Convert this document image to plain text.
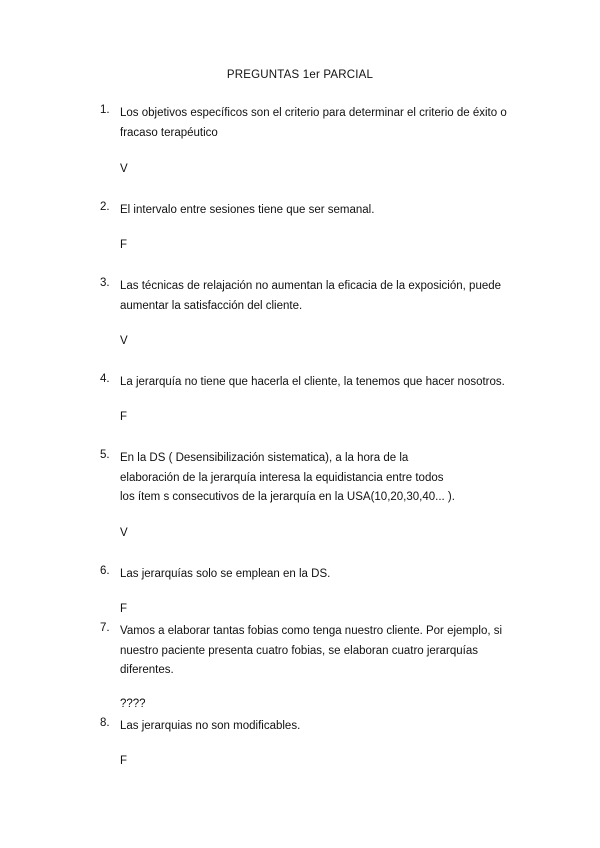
PREGUNTAS 1er PARCIAL
1. Los objetivos específicos son el criterio para determinar el criterio de éxito o
fracaso terapéutico
V
2. El intervalo entre sesiones tiene que ser semanal.
F
3. Las técnicas de relajación no aumentan la eficacia de la exposición, puede
aumentar la satisfacción del cliente.
V
4. La jerarquía no tiene que hacerla el cliente, la tenemos que hacer nosotros.
F
5. En la DS ( Desensibilización sistematica), a la hora de la
elaboración de la jerarquía interesa la equidistancia entre todos
los ítem s consecutivos de la jerarquía en la USA(10,20,30,40... ).
V
6. Las jerarquías solo se emplean en la DS.
F
7. Vamos a elaborar tantas fobias como tenga nuestro cliente. Por ejemplo, si
nuestro paciente presenta cuatro fobias, se elaboran cuatro jerarquías
diferentes.
????
8. Las jerarquias no son modificables.
F
